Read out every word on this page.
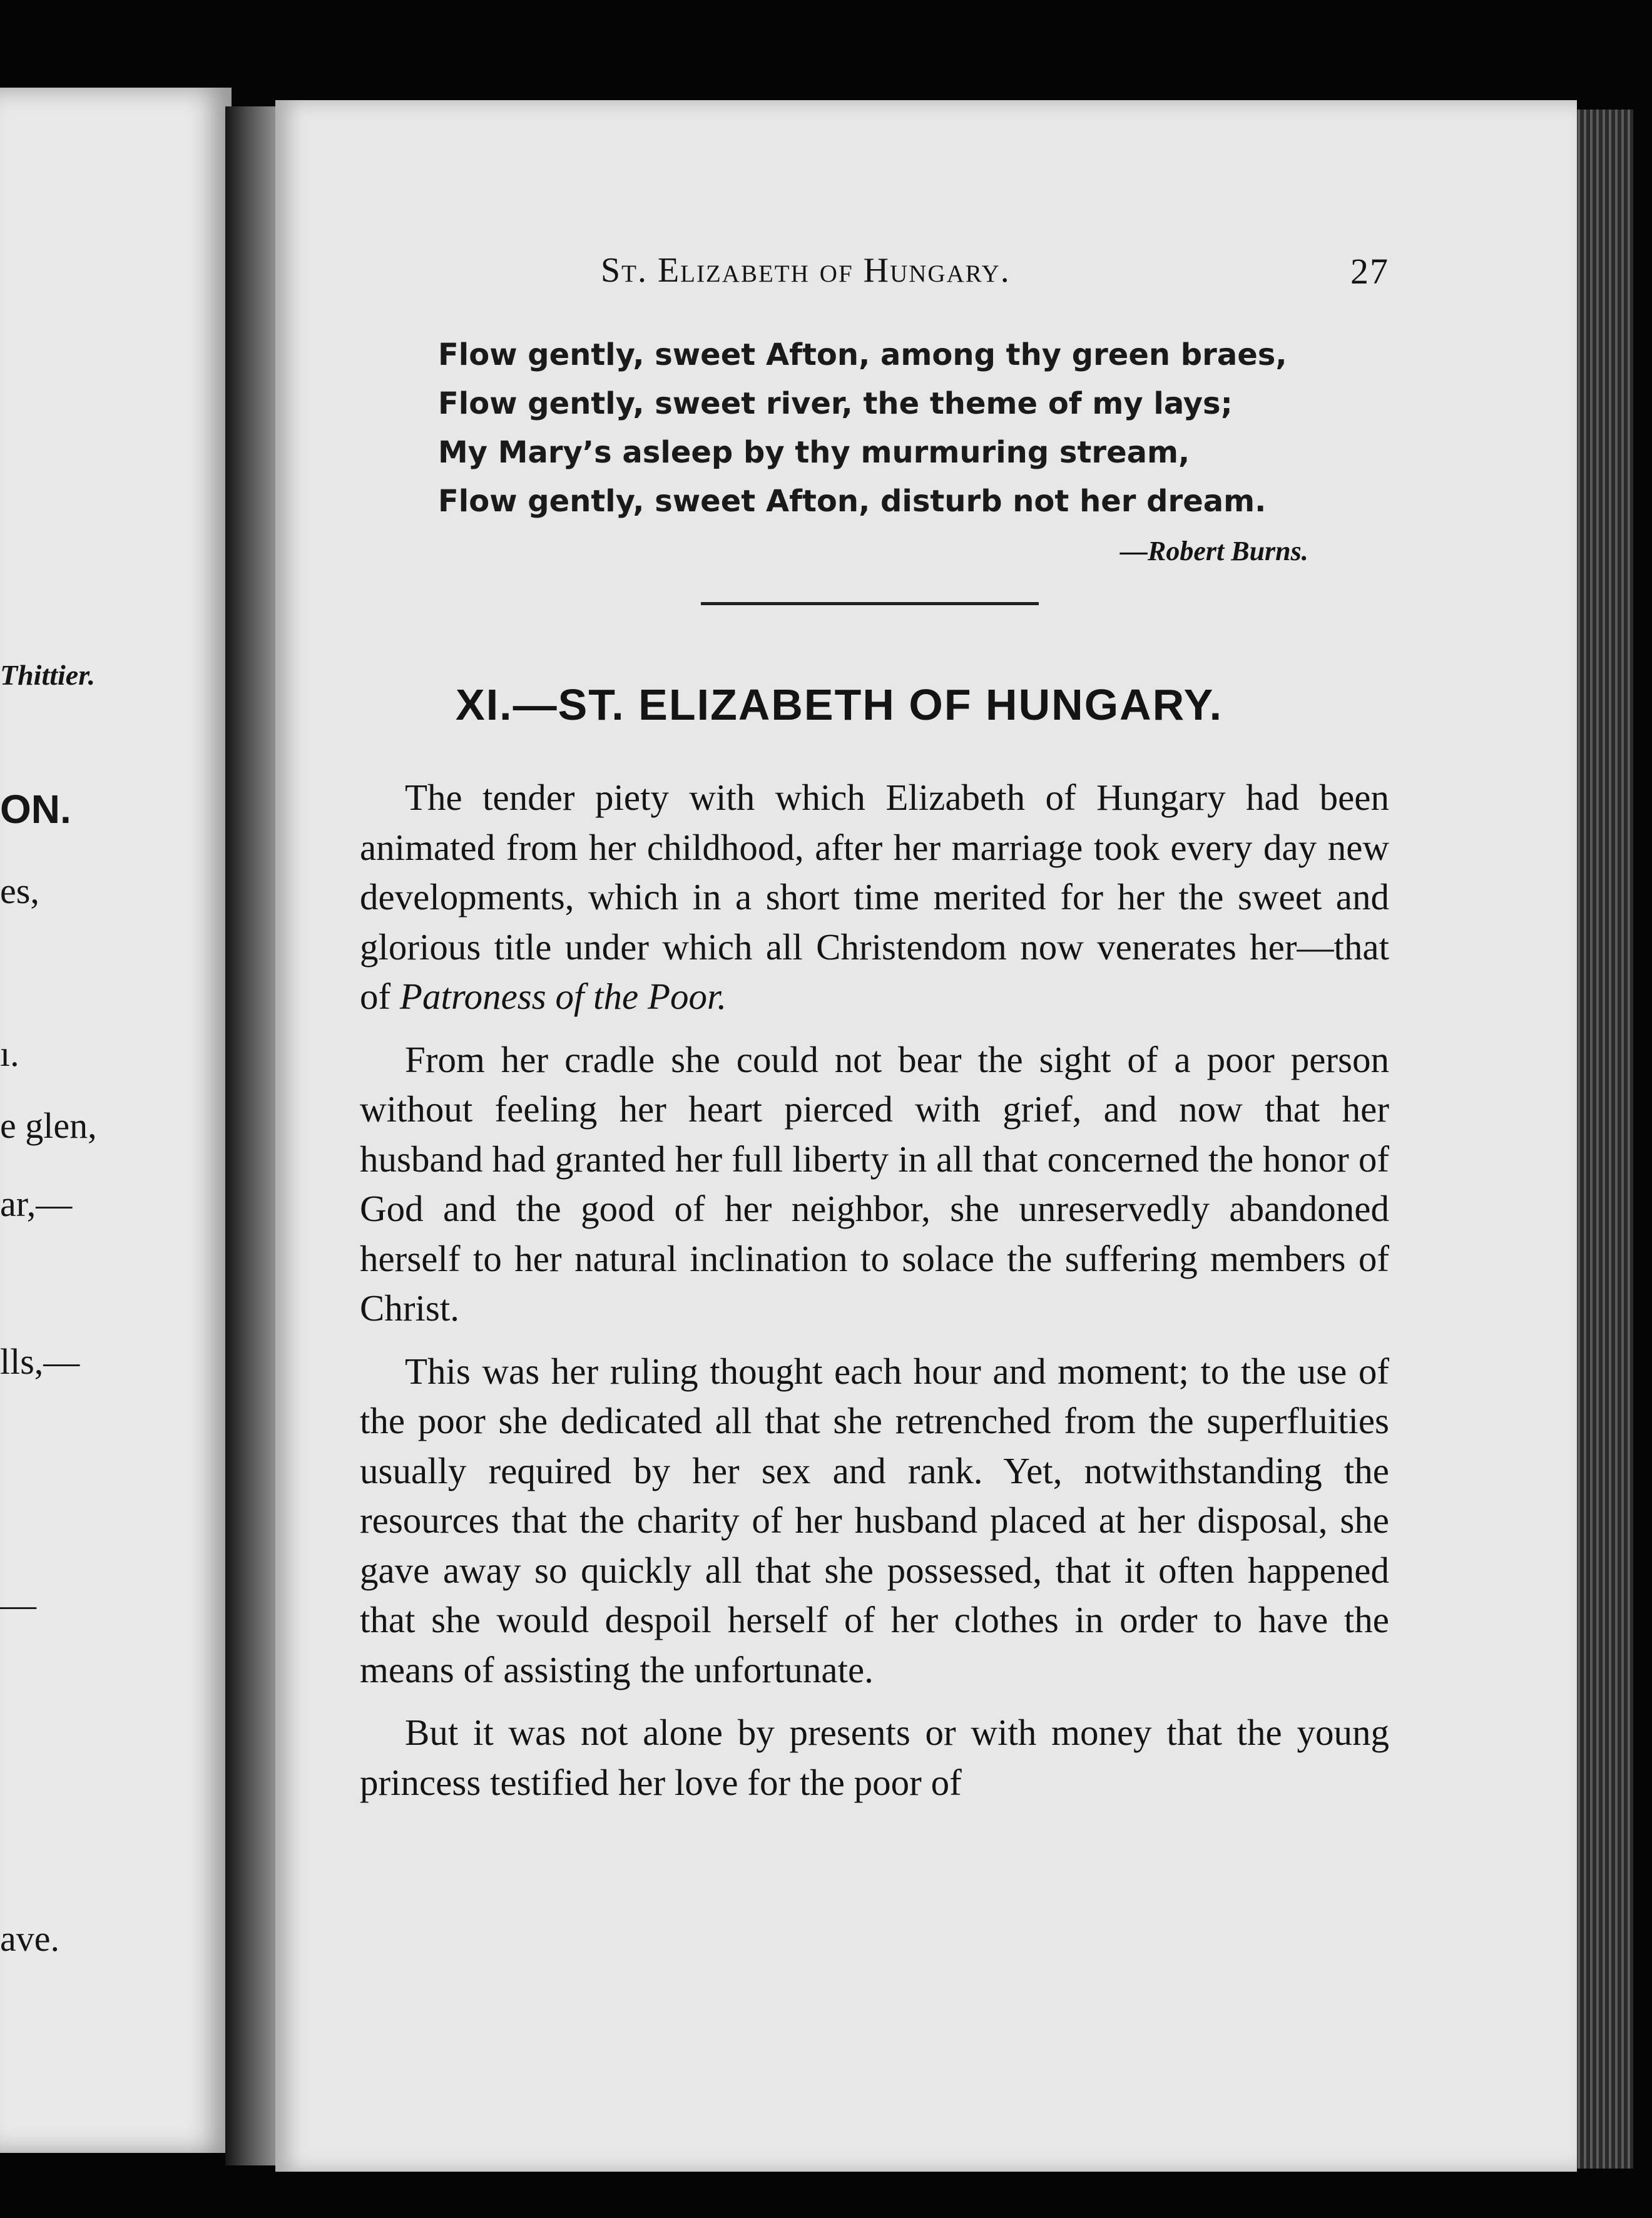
Thittier.
ON.
es,
ı.
e glen,
ar,—
lls,—
—
ave.
St. Elizabeth of Hungary.	27
Flow gently, sweet Afton, among thy green braes,
Flow gently, sweet river, the theme of my lays;
My Mary’s asleep by thy murmuring stream,
Flow gently, sweet Afton, disturb not her dream.
—Robert Burns.
XI.—ST. ELIZABETH OF HUNGARY.

The tender piety with which Elizabeth of Hungary had been animated from her childhood, after her marriage took every day new developments, which in a short time merited for her the sweet and glorious title under which all Christendom now venerates her—that of Patroness of the Poor.

From her cradle she could not bear the sight of a poor person without feeling her heart pierced with grief, and now that her husband had granted her full liberty in all that concerned the honor of God and the good of her neighbor, she unreservedly abandoned herself to her natural inclination to solace the suffering members of Christ.

This was her ruling thought each hour and moment; to the use of the poor she dedicated all that she retrenched from the superfluities usually required by her sex and rank. Yet, notwithstanding the resources that the charity of her husband placed at her disposal, she gave away so quickly all that she possessed, that it often happened that she would despoil herself of her clothes in order to have the means of assisting the unfortunate.

But it was not alone by presents or with money that the young princess testified her love for the poor of
